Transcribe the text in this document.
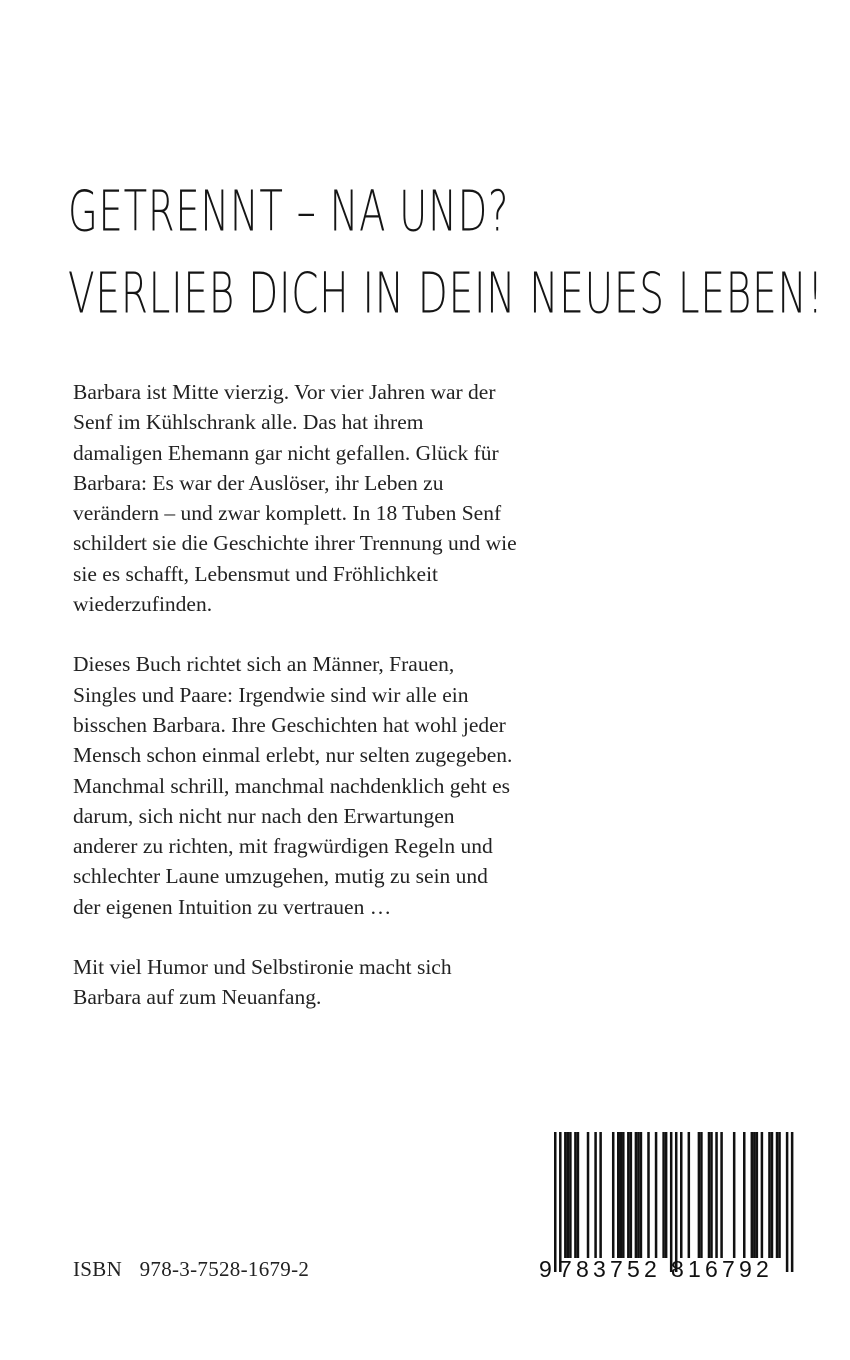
GETRENNT – NA UND?
VERLIEB DICH IN DEIN NEUES LEBEN!

Barbara ist Mitte vierzig. Vor vier Jahren war der Senf im Kühlschrank alle. Das hat ihrem damaligen Ehemann gar nicht gefallen. Glück für Barbara: Es war der Auslöser, ihr Leben zu verändern – und zwar komplett. In 18 Tuben Senf schildert sie die Geschichte ihrer Trennung und wie sie es schafft, Lebensmut und Fröhlichkeit wiederzufinden.

Dieses Buch richtet sich an Männer, Frauen, Singles und Paare: Irgendwie sind wir alle ein bisschen Barbara. Ihre Geschichten hat wohl jeder Mensch schon einmal erlebt, nur selten zugegeben. Manchmal schrill, manchmal nachdenklich geht es darum, sich nicht nur nach den Erwartungen anderer zu richten, mit fragwürdigen Regeln und schlechter Laune umzugehen, mutig zu sein und der eigenen Intuition zu vertrauen …

Mit viel Humor und Selbstironie macht sich Barbara auf zum Neuanfang.

ISBN 978-3-7528-1679-2	9 783752 816792
